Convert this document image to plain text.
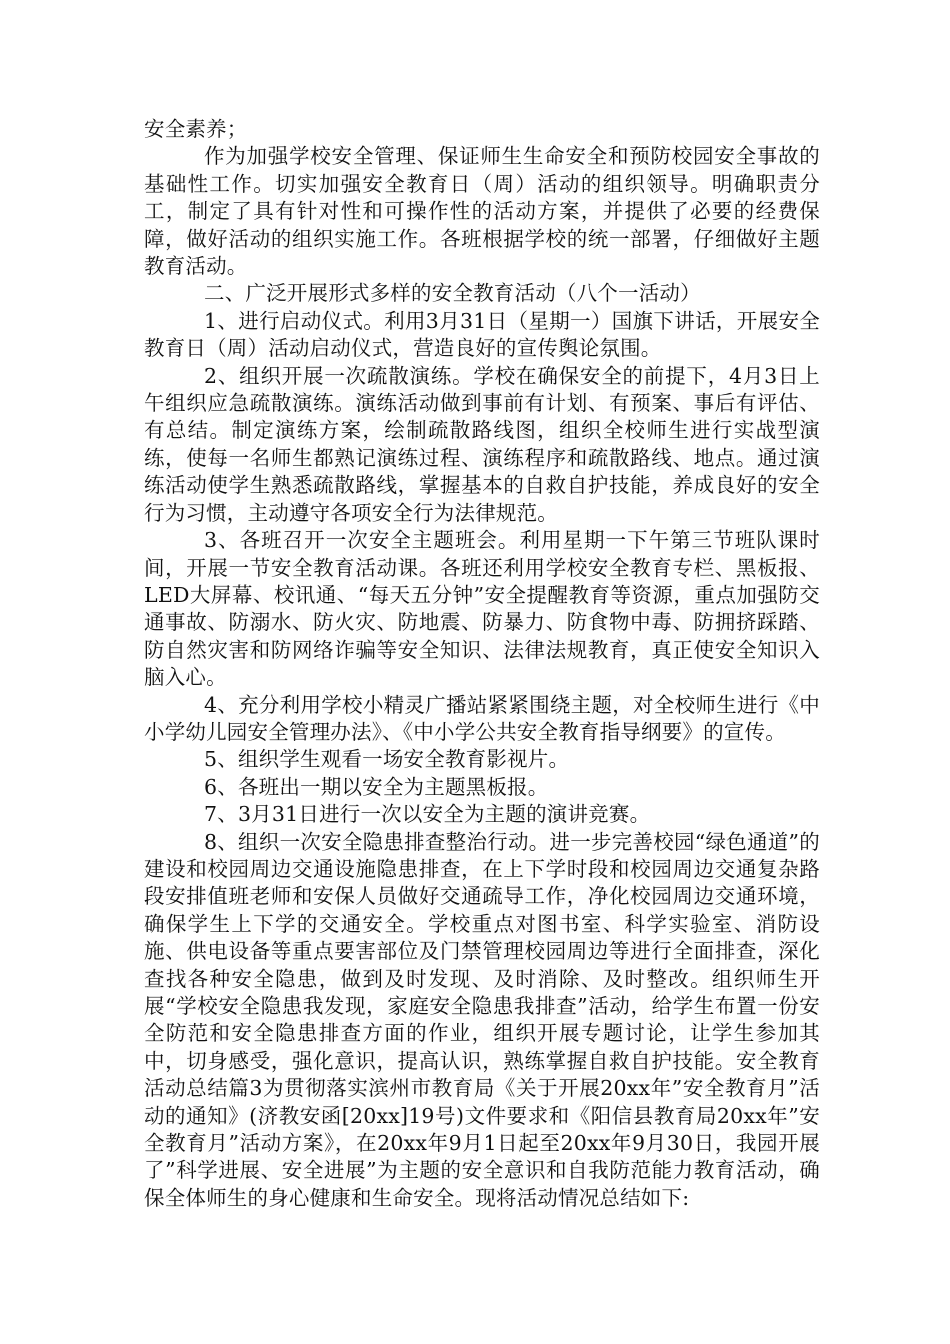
安全素养；

作为加强学校安全管理、保证师生生命安全和预防校园安全事故的基础性工作。切实加强安全教育日（周）活动的组织领导。明确职责分工，制定了具有针对性和可操作性的活动方案，并提供了必要的经费保障，做好活动的组织实施工作。各班根据学校的统一部署，仔细做好主题教育活动。

二、广泛开展形式多样的安全教育活动（八个一活动）

1、进行启动仪式。利用3月31日（星期一）国旗下讲话，开展安全教育日（周）活动启动仪式，营造良好的宣传舆论氛围。

2、组织开展一次疏散演练。学校在确保安全的前提下，4月3日上午组织应急疏散演练。演练活动做到事前有计划、有预案、事后有评估、有总结。制定演练方案，绘制疏散路线图，组织全校师生进行实战型演练，使每一名师生都熟记演练过程、演练程序和疏散路线、地点。通过演练活动使学生熟悉疏散路线，掌握基本的自救自护技能，养成良好的安全行为习惯，主动遵守各项安全行为法律规范。

3、各班召开一次安全主题班会。利用星期一下午第三节班队课时间，开展一节安全教育活动课。各班还利用学校安全教育专栏、黑板报、LED大屏幕、校讯通、“每天五分钟”安全提醒教育等资源，重点加强防交通事故、防溺水、防火灾、防地震、防暴力、防食物中毒、防拥挤踩踏、防自然灾害和防网络诈骗等安全知识、法律法规教育，真正使安全知识入脑入心。

4、充分利用学校小精灵广播站紧紧围绕主题，对全校师生进行《中小学幼儿园安全管理办法》、《中小学公共安全教育指导纲要》的宣传。

5、组织学生观看一场安全教育影视片。

6、各班出一期以安全为主题黑板报。

7、3月31日进行一次以安全为主题的演讲竞赛。

8、组织一次安全隐患排查整治行动。进一步完善校园“绿色通道”的建设和校园周边交通设施隐患排查，在上下学时段和校园周边交通复杂路段安排值班老师和安保人员做好交通疏导工作，净化校园周边交通环境，确保学生上下学的交通安全。学校重点对图书室、科学实验室、消防设施、供电设备等重点要害部位及门禁管理校园周边等进行全面排查，深化查找各种安全隐患，做到及时发现、及时消除、及时整改。组织师生开展“学校安全隐患我发现，家庭安全隐患我排查”活动，给学生布置一份安全防范和安全隐患排查方面的作业，组织开展专题讨论，让学生参加其中，切身感受，强化意识，提高认识，熟练掌握自救自护技能。安全教育活动总结篇3为贯彻落实滨州市教育局《关于开展20xx年”安全教育月”活动的通知》(济教安函[20xx]19号)文件要求和《阳信县教育局20xx年”安全教育月”活动方案》，在20xx年9月1日起至20xx年9月30日，我园开展了”科学进展、安全进展”为主题的安全意识和自我防范能力教育活动，确保全体师生的身心健康和生命安全。现将活动情况总结如下:
